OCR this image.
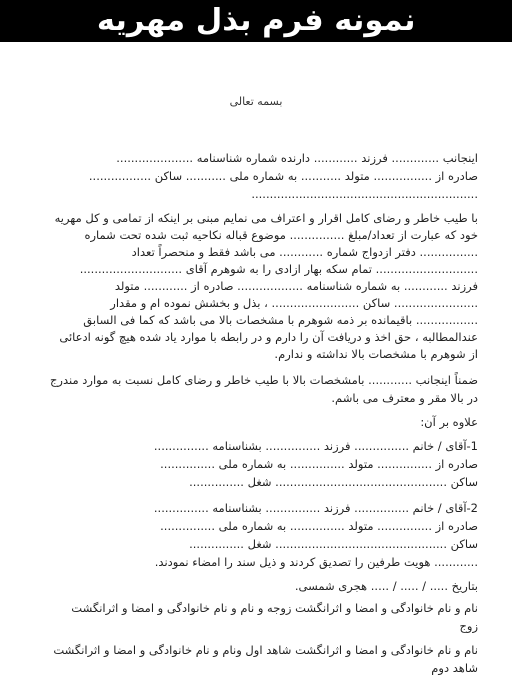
نمونه فرم بذل مهریه
بسمه تعالی
اینجانب ............. فرزند ............ دارنده شماره شناسنامه .....................
صادره از ................ متولد ........... به شماره ملی ........... ساکن .................
..............................................................
با طیب خاطر و رضای کامل اقرار و اعتراف می نمایم مبنی بر اینکه از تمامی و کل مهریه
خود که عبارت از تعداد/مبلغ ............... موضوع قباله نکاحیه ثبت شده تحت شماره
................ دفتر ازدواج شماره ............ می باشد فقط و منحصراً تعداد
............................ تمام سکه بهار ازادی را به شوهرم آقای ............................
فرزند ............ به شماره شناسنامه .................. صادره از ............ متولد
....................... ساکن ........................ ، بذل و بخشش نموده ام و مقدار
................. باقیمانده بر ذمه شوهرم با مشخصات بالا می باشد که کما فی السابق
عندالمطالبه ، حق اخذ و دریافت آن را دارم و در رابطه با موارد یاد شده هیچ گونه ادعائی
از شوهرم با مشخصات بالا نداشته و ندارم.
ضمناً اینجانب ............ بامشخصات بالا با طیب خاطر و رضای کامل نسبت به موارد مندرج
در بالا مقر و معترف می باشم.
علاوه بر آن:
1-آقای / خانم ............... فرزند ............... بشناسنامه ...............
صادره از ............... متولد ............... به شماره ملی ...............
ساکن ............................................... شغل ...............
2-آقای / خانم ............... فرزند ............... بشناسنامه ...............
صادره از ............... متولد ............... به شماره ملی ...............
ساکن ............................................... شغل ...............
............ هویت طرفین را تصدیق کردند و ذیل سند را امضاء نمودند.
بتاریخ ..... / ..... / ..... هجری شمسی.
نام و نام خانوادگی و امضا و اثرانگشت زوجه و نام و نام خانوادگی و امضا و اثرانگشت
زوج
نام و نام خانوادگی و امضا و اثرانگشت شاهد اول ونام و نام خانوادگی و امضا و اثرانگشت
شاهد دوم
